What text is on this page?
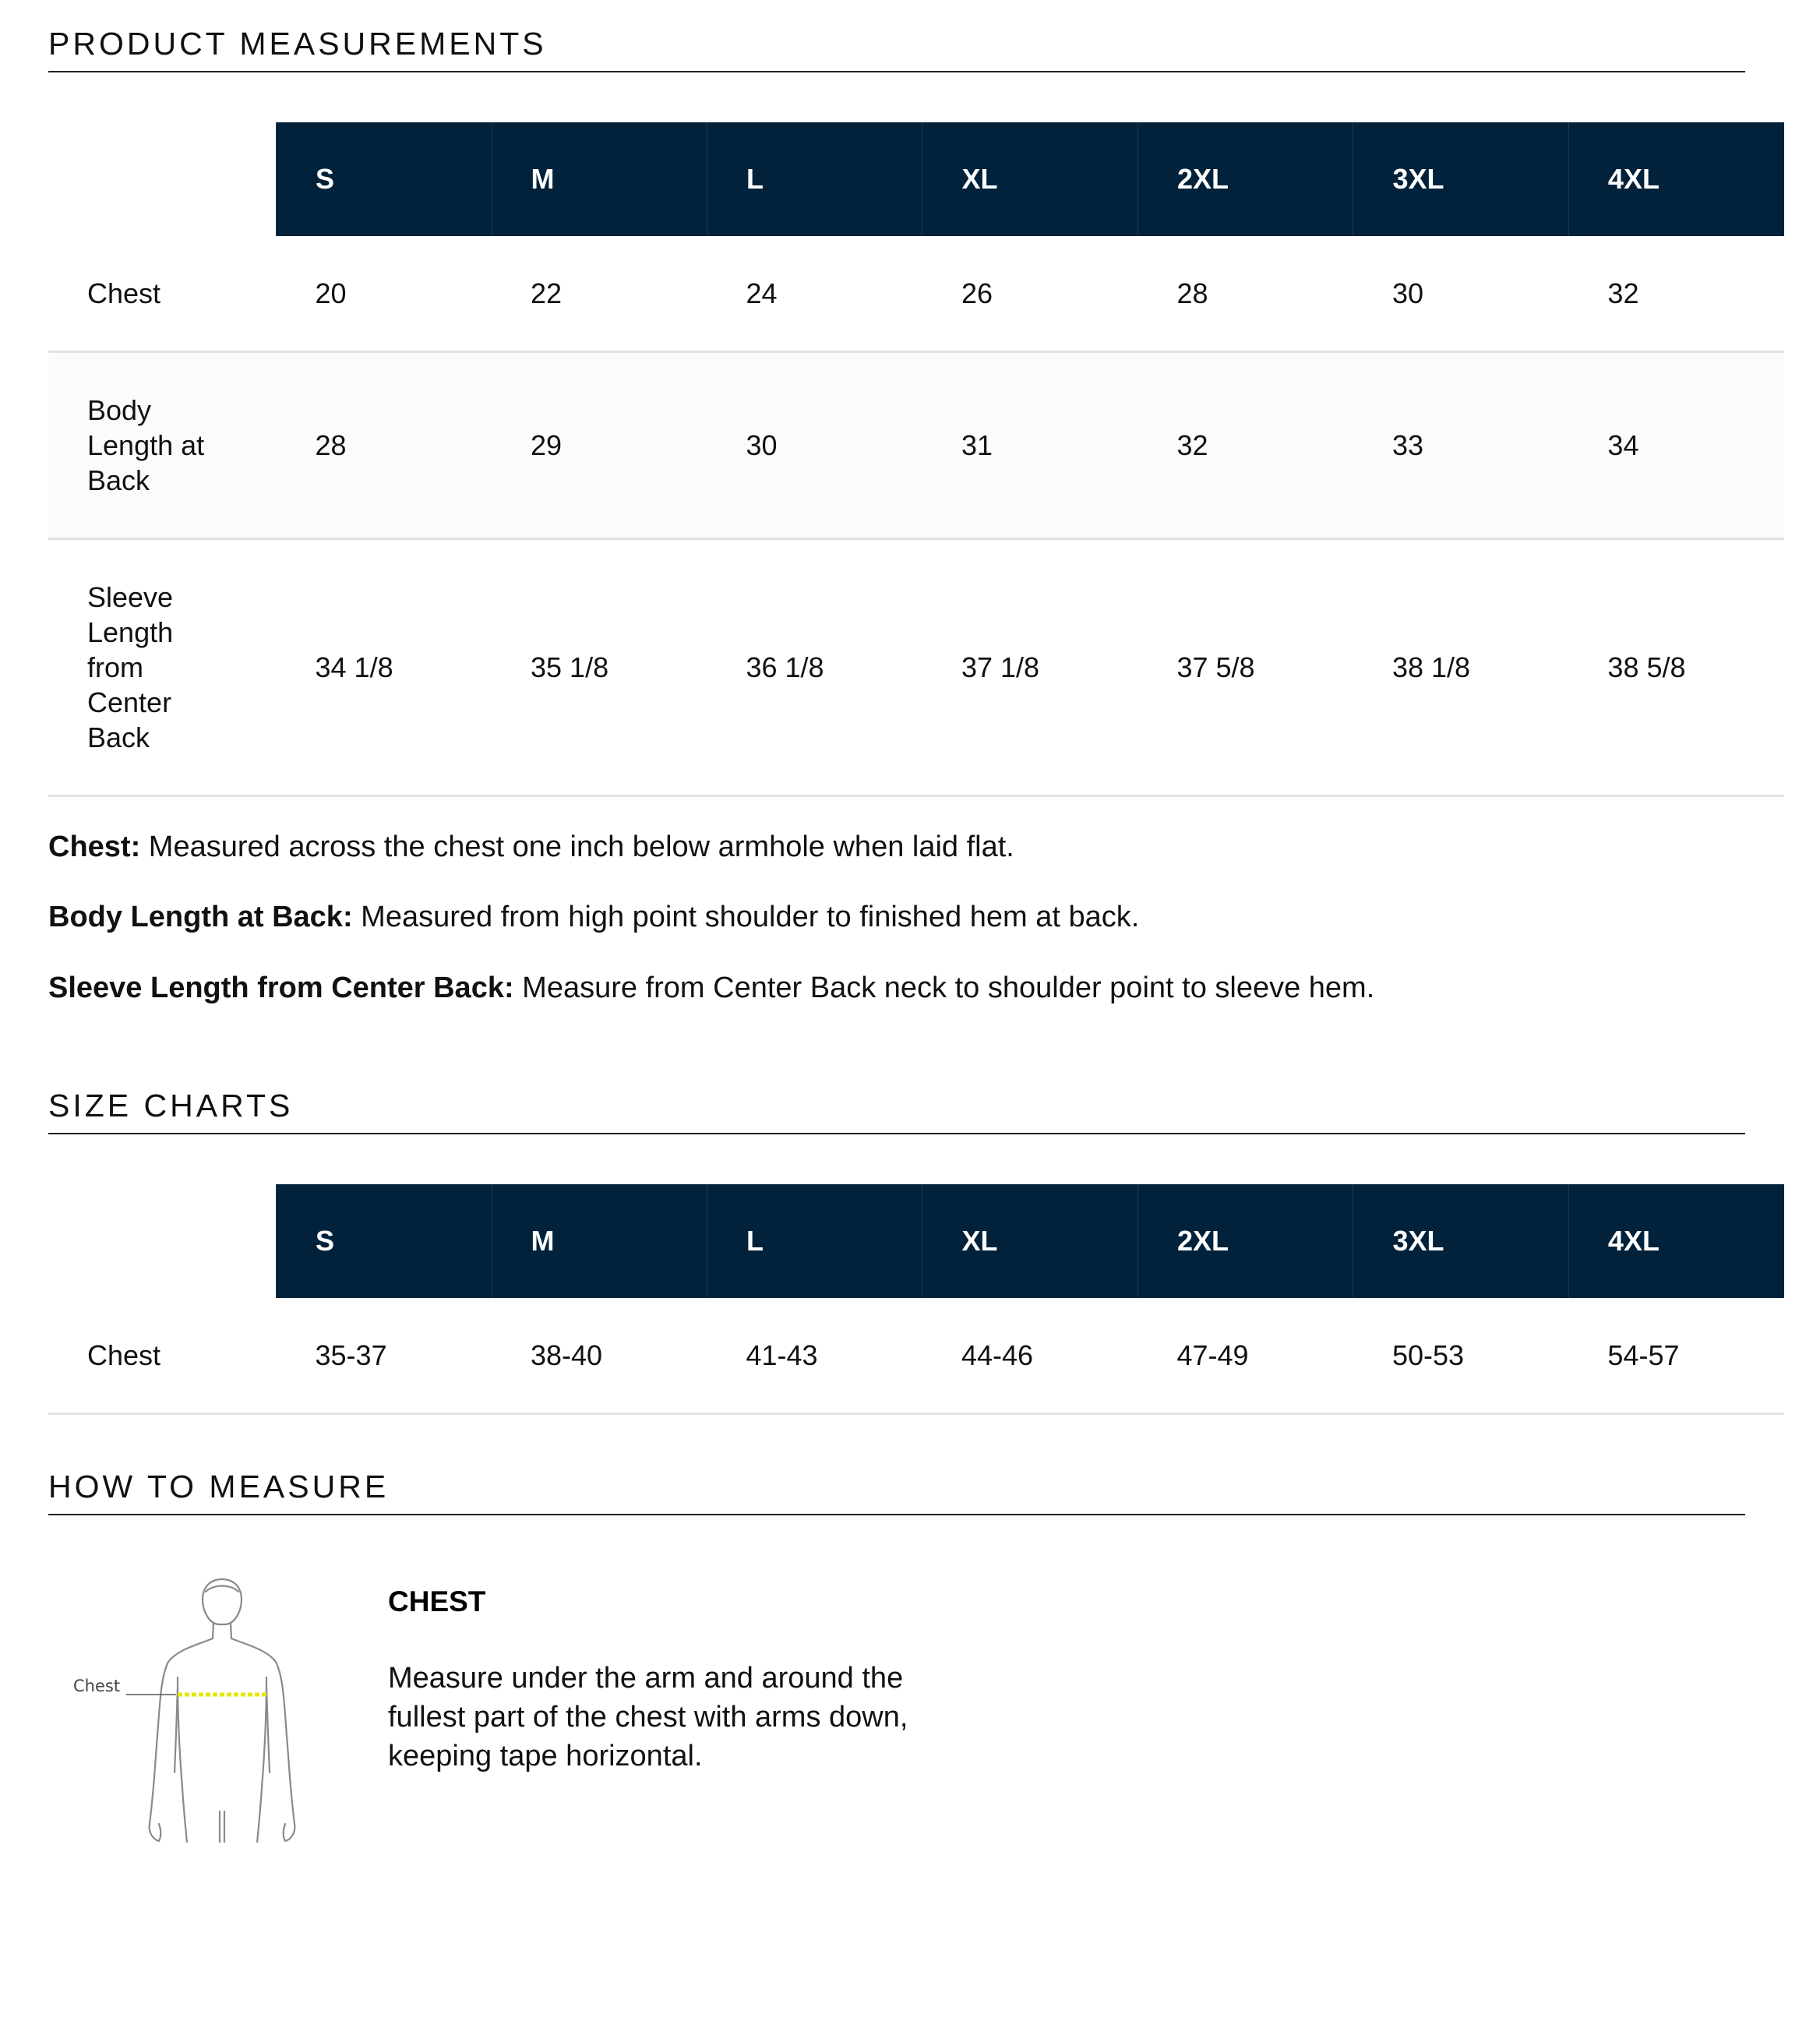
PRODUCT MEASUREMENTS
	S	M	L	XL	2XL	3XL	4XL
Chest	20	22	24	26	28	30	32
Body Length at Back	28	29	30	31	32	33	34
Sleeve Length from Center Back	34 1/8	35 1/8	36 1/8	37 1/8	37 5/8	38 1/8	38 5/8

Chest: Measured across the chest one inch below armhole when laid flat.

Body Length at Back: Measured from high point shoulder to finished hem at back.

Sleeve Length from Center Back: Measure from Center Back neck to shoulder point to sleeve hem.

SIZE CHARTS
	S	M	L	XL	2XL	3XL	4XL
Chest	35-37	38-40	41-43	44-46	47-49	50-53	54-57
HOW TO MEASURE
Chest
CHEST
Measure under the arm and around the fullest part of the chest with arms down, keeping tape horizontal.
